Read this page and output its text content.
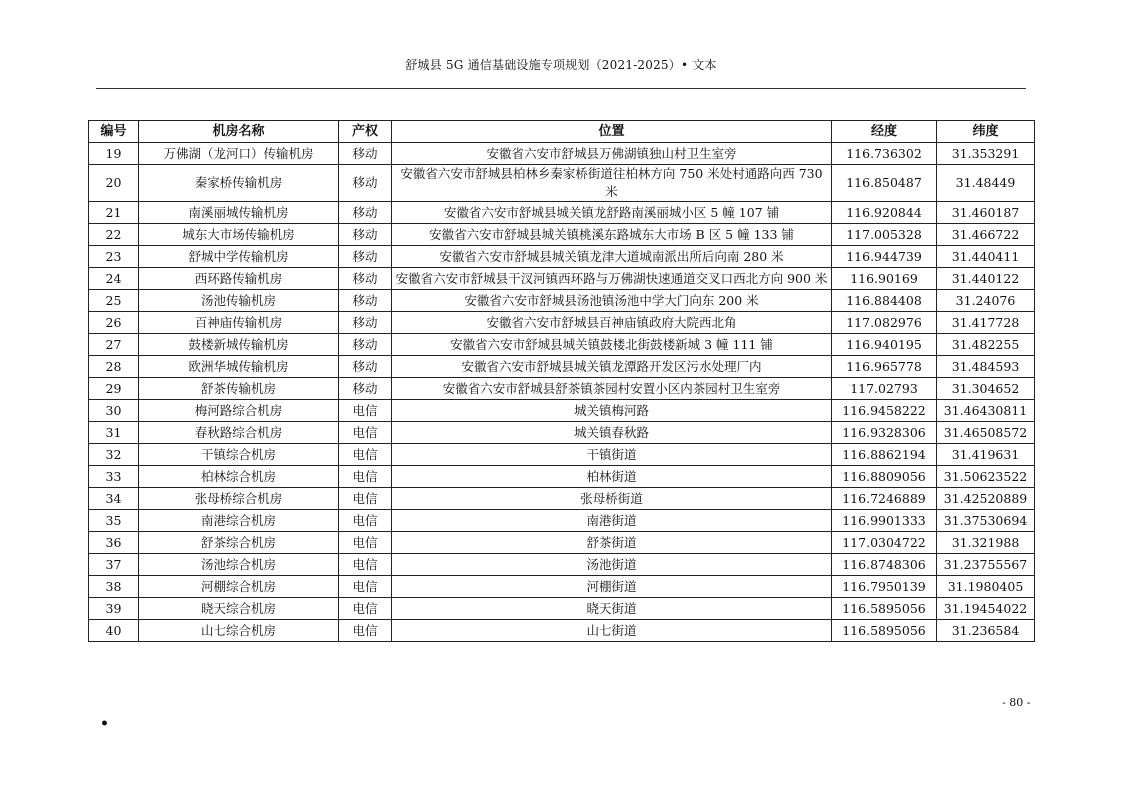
舒城县 5G 通信基础设施专项规划（2021-2025）• 文本
编号	机房名称	产权	位置	经度	纬度
19	万佛湖（龙河口）传输机房	移动	安徽省六安市舒城县万佛湖镇独山村卫生室旁	116.736302	31.353291
20	秦家桥传输机房	移动	安徽省六安市舒城县柏林乡秦家桥街道往柏林方向 750 米处村通路向西 730 米	116.850487	31.48449
21	南溪丽城传输机房	移动	安徽省六安市舒城县城关镇龙舒路南溪丽城小区 5 幢 107 铺	116.920844	31.460187
22	城东大市场传输机房	移动	安徽省六安市舒城县城关镇桃溪东路城东大市场 B 区 5 幢 133 铺	117.005328	31.466722
23	舒城中学传输机房	移动	安徽省六安市舒城县城关镇龙津大道城南派出所后向南 280 米	116.944739	31.440411
24	西环路传输机房	移动	安徽省六安市舒城县干汊河镇西环路与万佛湖快速通道交叉口西北方向 900 米	116.90169	31.440122
25	汤池传输机房	移动	安徽省六安市舒城县汤池镇汤池中学大门向东 200 米	116.884408	31.24076
26	百神庙传输机房	移动	安徽省六安市舒城县百神庙镇政府大院西北角	117.082976	31.417728
27	鼓楼新城传输机房	移动	安徽省六安市舒城县城关镇鼓楼北街鼓楼新城 3 幢 111 铺	116.940195	31.482255
28	欧洲华城传输机房	移动	安徽省六安市舒城县城关镇龙潭路开发区污水处理厂内	116.965778	31.484593
29	舒茶传输机房	移动	安徽省六安市舒城县舒茶镇茶园村安置小区内茶园村卫生室旁	117.02793	31.304652
30	梅河路综合机房	电信	城关镇梅河路	116.9458222	31.46430811
31	春秋路综合机房	电信	城关镇春秋路	116.9328306	31.46508572
32	干镇综合机房	电信	干镇街道	116.8862194	31.419631
33	柏林综合机房	电信	柏林街道	116.8809056	31.50623522
34	张母桥综合机房	电信	张母桥街道	116.7246889	31.42520889
35	南港综合机房	电信	南港街道	116.9901333	31.37530694
36	舒茶综合机房	电信	舒茶街道	117.0304722	31.321988
37	汤池综合机房	电信	汤池街道	116.8748306	31.23755567
38	河棚综合机房	电信	河棚街道	116.7950139	31.1980405
39	晓天综合机房	电信	晓天街道	116.5895056	31.19454022
40	山七综合机房	电信	山七街道	116.5895056	31.236584
- 80 -
•
